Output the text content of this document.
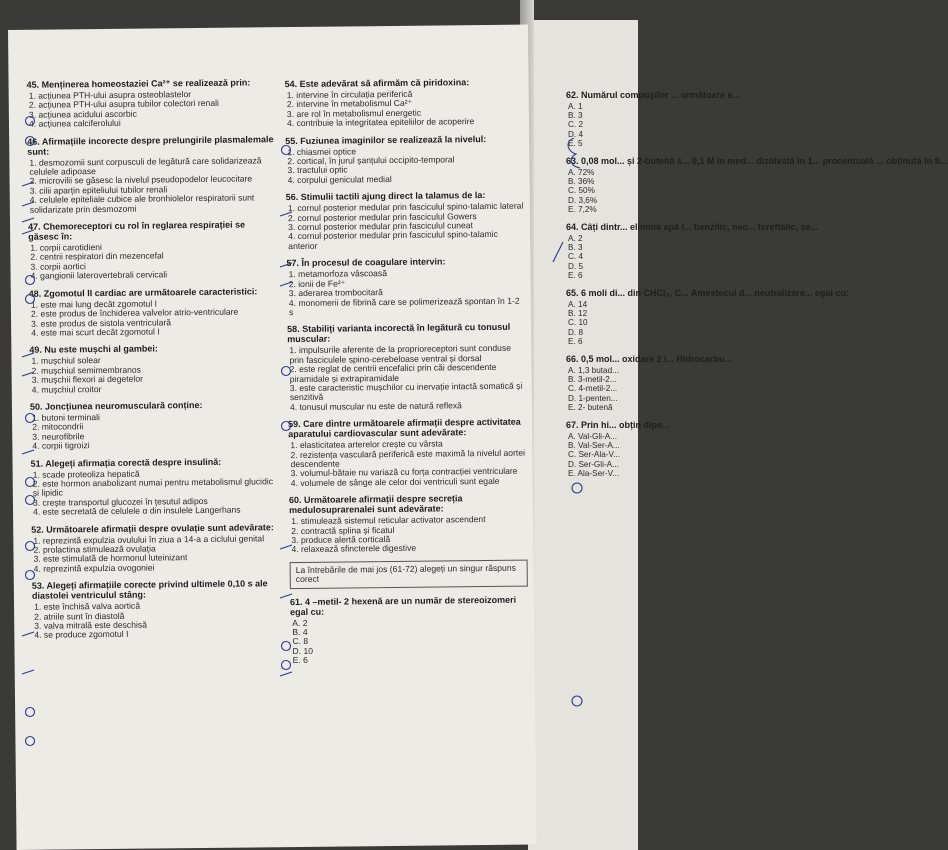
45. Menținerea homeostaziei Ca²⁺ se realizează prin:
1. acțiunea PTH-ului asupra osteoblastelor
2. acțiunea PTH-ului asupra tubilor colectori renali
3. acțiunea acidului ascorbic
4. acțiunea calciferolului
46. Afirmațiile incorecte despre prelungirile plasmalemale sunt:
1. desmozomii sunt corpusculi de legătură care solidarizează celulele adipoase
2. microvilii se găsesc la nivelul pseudopodelor leucocitare
3. cilii aparțin epiteliului tubilor renali
4. celulele epiteliale cubice ale bronhiolelor respiratorii sunt solidarizate prin desmozomi
47. Chemoreceptori cu rol în reglarea respirației se găsesc în:
1. corpii carotidieni
2. centrii respiratori din mezencefal
3. corpii aortici
4. gangionii laterovertebrali cervicali
48. Zgomotul II cardiac are următoarele caracteristici:
1. este mai lung decât zgomotul I
2. este produs de închiderea valvelor atrio-ventriculare
3. este produs de sistola ventriculară
4. este mai scurt decât zgomotul I
49. Nu este mușchi al gambei:
1. mușchiul solear
2. mușchiul semimembranos
3. mușchii flexori ai degetelor
4. mușchiul croitor
50. Joncțiunea neuromusculară conține:
1. butoni terminali
2. mitocondrii
3. neurofibrile
4. corpii tigroizi
51. Alegeți afirmația corectă despre insulină:
1. scade proteoliza hepatică
2. este hormon anabolizant numai pentru metabolismul glucidic și lipidic
3. crește transportul glucozei în țesutul adipos
4. este secretată de celulele α din insulele Langerhans
52. Următoarele afirmații despre ovulație sunt adevărate:
1. reprezintă expulzia ovulului în ziua a 14-a a ciclului genital
2. prolactina stimulează ovulația
3. este stimulată de hormonul luteinizant
4. reprezintă expulzia ovogoniei
53. Alegeți afirmațiile corecte privind ultimele 0,10 s ale diastolei ventriculul stâng:
1. este închisă valva aortică
2. atriile sunt în diastolă
3. valva mitrală este deschisă
4. se produce zgomotul I
54. Este adevărat să afirmăm că piridoxina:
1. intervine în circulația periferică
2. intervine în metabolismul Ca²⁺
3. are rol în metabolismul energetic
4. contribuie la integritatea epiteliilor de acoperire
55. Fuziunea imaginilor se realizează la nivelul:
1. chiasmei optice
2. cortical, în jurul șanțului occipito-temporal
3. tractului optic
4. corpului geniculat medial
56. Stimulii tactili ajung direct la talamus de la:
1. cornul posterior medular prin fasciculul spino-talamic lateral
2. cornul posterior medular prin fasciculul Gowers
3. cornul posterior medular prin fasciculul cuneat
4. cornul posterior medular prin fasciculul spino-talamic anterior
57. În procesul de coagulare intervin:
1. metamorfoza vâscoasă
2. ionii de Fe²⁺
3. aderarea trombocitară
4. monomerii de fibrină care se polimerizează spontan în 1-2 s
58. Stabiliți varianta incorectă în legătură cu tonusul muscular:
1. impulsurile aferente de la proprioreceptori sunt conduse prin fasciculele spino-cerebeloase ventral și dorsal
2. este reglat de centrii encefalici prin căi descendente piramidale și extrapiramidale
3. este caracteristic mușchilor cu inervație intactă somatică și senzitivă
4. tonusul muscular nu este de natură reflexă
59. Care dintre următoarele afirmații despre activitatea aparatului cardiovascular sunt adevărate:
1. elasticitatea arterelor crește cu vârsta
2. rezistența vasculară periferică este maximă la nivelul aortei descendente
3. volumul-bătaie nu variază cu forța contracției ventriculare
4. volumele de sânge ale celor doi ventriculi sunt egale
60. Următoarele afirmații despre secreția medulosuprarenalei sunt adevărate:
1. stimulează sistemul reticular activator ascendent
2. contractă splina și ficatul
3. produce alertă corticală
4. relaxează sfincterele digestive
La întrebările de mai jos (61-72) alegeți un singur răspuns corect
61. 4 –metil- 2 hexenă are un număr de stereoizomeri egal cu:
A. 2
B. 4
C. 8
D. 10
E. 6
62. Numărul compușilor ... următoare e...
A. 1
B. 3
C. 2
D. 4
E. 5
63. 0,08 mol... și 2-butenă s... 0,1 M în med... dizolvată în 1... procentuală ... obținută în fi...
A. 72%
B. 36%
C. 50%
D. 3,6%
E. 7,2%
64. Câți dintr... elimina apă î... benzilic, neo... tereftalic, se...
A. 2
B. 3
C. 4
D. 5
E. 6
65. 6 moli di... din CHCl₃, C... Amestecul d... neutralizare... egal cu:
A. 14
B. 12
C. 10
D. 8
E. 6
66. 0,5 mol... oxidare 2 l... Hidrocarbu...
A. 1,3 butad...
B. 3-metil-2...
C. 4-metil-2...
D. 1-penten...
E. 2- butenă
67. Prin hi... obțin dipe...
A. Val-Gli-A...
B. Val-Ser-A...
C. Ser-Ala-V...
D. Ser-Gli-A...
E. Ala-Ser-V...
